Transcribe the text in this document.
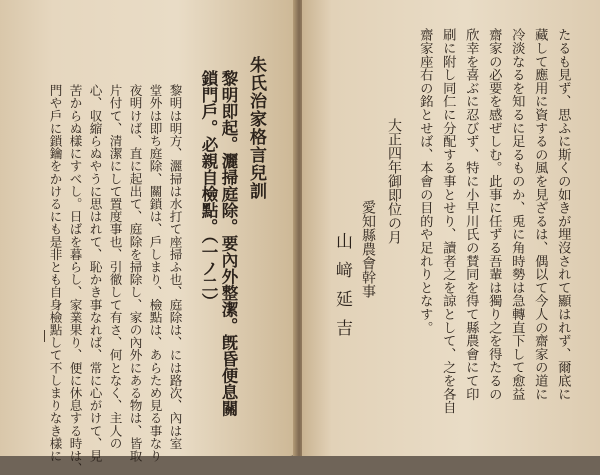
朱氏治家格言兒訓
黎明即起。灑掃庭除。要內外整潔。旣昏便息關
鎖門戶。必親自檢點。（一ノ二）
黎明は明方、灑掃は水打て座掃ふ也、庭除は、には路次、內は室
堂外は即ち庭除、關鎖は、戶しまり、檢點は、あらため見る事なり
夜明けば、直に起出て、庭除を掃除し、家の內外にある物は、皆取
片付て、清潔にして置度事也、引徹して有さ、何となく、主人の
心、収縮らぬやうに思はれて、恥かき事なれば、常に心がけて、見
苦からぬ樣にすべし。日ばを暮らし、家業果り、便に休息する時は、
門や戶に鎖鑰をかけるにも是非とも自身檢點して不しまりなき樣に	たるも見ず、思ふに斯くの如きが埋沒されて顯はれず、爾底に
藏して應用に資するの風を見ざるは、偶以て今人の齋家の道に
冷淡なるを知るに足るものか、兎に角時勢は急轉直下して愈益
齋家の必要を感ぜしむ。此事に任ずる吾輩は獨り之を得たるの
欣幸を喜ぶに忍びず、特に小早川氏の賛同を得て縣農會にて印
刷に附し同仁に分配する事とせり、讀者之を諒として、之を各自
齋家座右の銘とせば、本會の目的や足れりとなす。
大正四年御即位の月
愛知縣農會幹事
山﨑延吉
